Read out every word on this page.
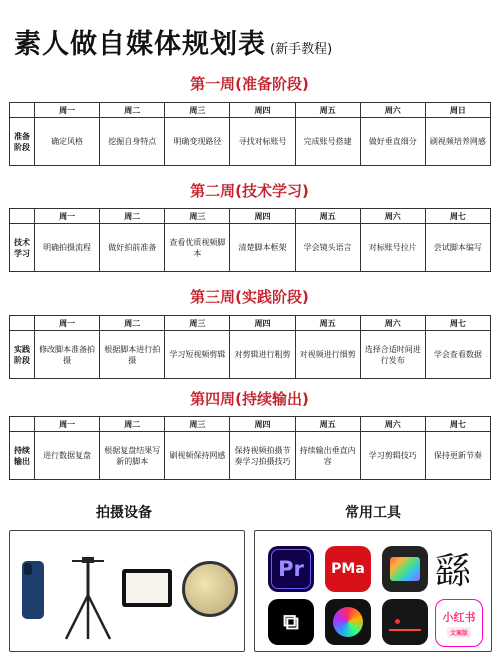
素人做自媒体规划表 (新手教程)
第一周(准备阶段)
	周一	周二	周三	周四	周五	周六	周日
准备阶段	确定风格	挖掘自身特点	明确变现路径	寻找对标账号	完成账号搭建	做好垂直细分	刷视频培养网感
第二周(技术学习)
	周一	周二	周三	周四	周五	周六	周七
技术学习	明确拍摄流程	做好拍前准备	查看优质视频脚本	清楚脚本框架	学会镜头语言	对标账号拉片	尝试脚本编写
第三周(实践阶段)
	周一	周二	周三	周四	周五	周六	周七
实践阶段	修改脚本准备拍摄	根据脚本进行拍摄	学习短视频剪辑	对剪辑进行粗剪	对视频进行细剪	选择合适时间进行发布	学会查看数据
第四周(持续输出)
	周一	周二	周三	周四	周五	周六	周七
持续输出	进行数据复盘	根据复盘结果写新的脚本	刷视频保持网感	保持视频拍摄节奏学习拍摄技巧	持续输出垂直内容	学习剪辑技巧	保持更新节奏
拍摄设备	常用工具
Pr	PMa 繇
⧉	小红书
文案版
